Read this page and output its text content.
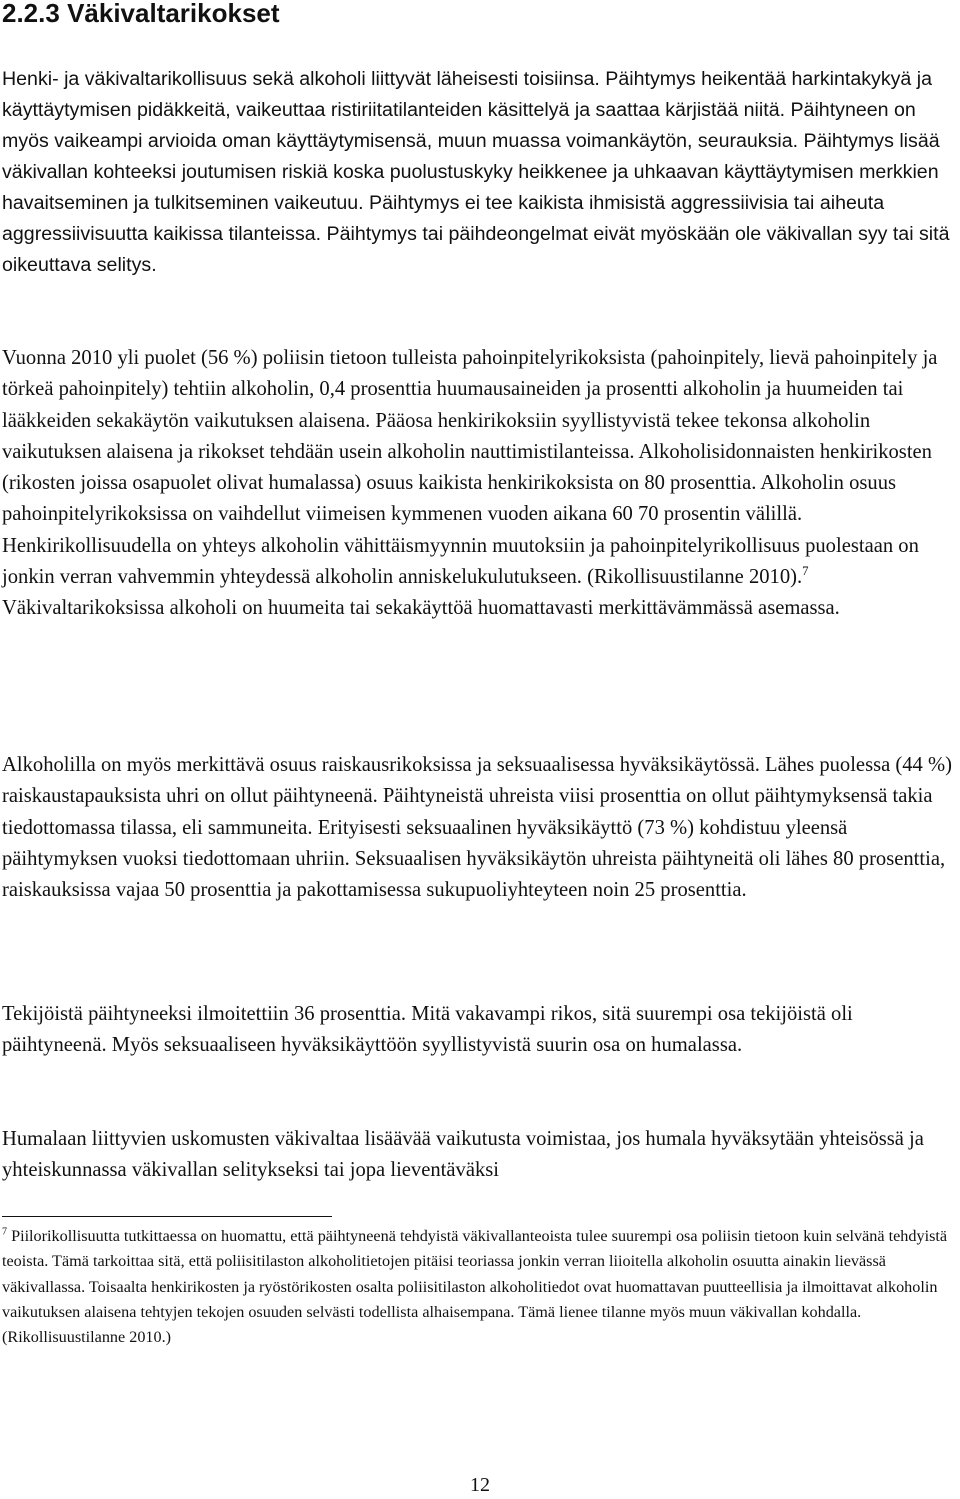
2.2.3 Väkivaltarikokset

Henki- ja väkivaltarikollisuus sekä alkoholi liittyvät läheisesti toisiinsa. Päihtymys heikentää harkintakykyä ja käyttäytymisen pidäkkeitä, vaikeuttaa ristiriitatilanteiden käsittelyä ja saattaa kärjistää niitä. Päihtyneen on myös vaikeampi arvioida oman käyttäytymisensä, muun muassa voimankäytön, seurauksia. Päihtymys lisää väkivallan kohteeksi joutumisen riskiä koska puolustuskyky heikkenee ja uhkaavan käyttäytymisen merkkien havaitseminen ja tulkitseminen vaikeutuu. Päihtymys ei tee kaikista ihmisistä aggressiivisia tai aiheuta aggressiivisuutta kaikissa tilanteissa. Päihtymys tai päihdeongelmat eivät myöskään ole väkivallan syy tai sitä oikeuttava selitys.

Vuonna 2010 yli puolet (56 %) poliisin tietoon tulleista pahoinpitelyrikoksista (pahoinpitely, lievä pahoinpitely ja törkeä pahoinpitely) tehtiin alkoholin, 0,4 prosenttia huumausaineiden ja prosentti alkoholin ja huumeiden tai lääkkeiden sekakäytön vaikutuksen alaisena. Pääosa henkirikoksiin syyllistyvistä tekee tekonsa alkoholin vaikutuksen alaisena ja rikokset tehdään usein alkoholin nauttimistilanteissa. Alkoholisidonnaisten henkirikosten (rikosten joissa osapuolet olivat humalassa) osuus kaikista henkirikoksista on 80 prosenttia. Alkoholin osuus pahoinpitelyrikoksissa on vaihdellut viimeisen kymmenen vuoden aikana 60 70 prosentin välillä. Henkirikollisuudella on yhteys alkoholin vähittäismyynnin muutoksiin ja pahoinpitelyrikollisuus puolestaan on jonkin verran vahvemmin yhteydessä alkoholin anniskelukulutukseen. (Rikollisuustilanne 2010).$^7$ Väkivaltarikoksissa alkoholi on huumeita tai sekakäyttöä huomattavasti merkittävämmässä asemassa.

Alkoholilla on myös merkittävä osuus raiskausrikoksissa ja seksuaalisessa hyväksikäytössä. Lähes puolessa (44 %) raiskaustapauksista uhri on ollut päihtyneenä. Päihtyneistä uhreista viisi prosenttia on ollut päihtymyksensä takia tiedottomassa tilassa, eli sammuneita. Erityisesti seksuaalinen hyväksikäyttö (73 %) kohdistuu yleensä päihtymyksen vuoksi tiedottomaan uhriin. Seksuaalisen hyväksikäytön uhreista päihtyneitä oli lähes 80 prosenttia, raiskauksissa vajaa 50 prosenttia ja pakottamisessa sukupuoliyhteyteen noin 25 prosenttia.

Tekijöistä päihtyneeksi ilmoitettiin 36 prosenttia. Mitä vakavampi rikos, sitä suurempi osa tekijöistä oli päihtyneenä. Myös seksuaaliseen hyväksikäyttöön syyllistyvistä suurin osa on humalassa.

Humalaan liittyvien uskomusten väkivaltaa lisäävää vaikutusta voimistaa, jos humala hyväksytään yhteisössä ja yhteiskunnassa väkivallan selitykseksi tai jopa lieventäväksi

$^7$ Piilorikollisuutta tutkittaessa on huomattu, että päihtyneenä tehdyistä väkivallanteoista tulee suurempi osa poliisin tietoon kuin selvänä tehdyistä teoista. Tämä tarkoittaa sitä, että poliisitilaston alkoholitietojen pitäisi teoriassa jonkin verran liioitella alkoholin osuutta ainakin lievässä väkivallassa. Toisaalta henkirikosten ja ryöstörikosten osalta poliisitilaston alkoholitiedot ovat huomattavan puutteellisia ja ilmoittavat alkoholin vaikutuksen alaisena tehtyjen tekojen osuuden selvästi todellista alhaisempana. Tämä lienee tilanne myös muun väkivallan kohdalla. (Rikollisuustilanne 2010.)

12
